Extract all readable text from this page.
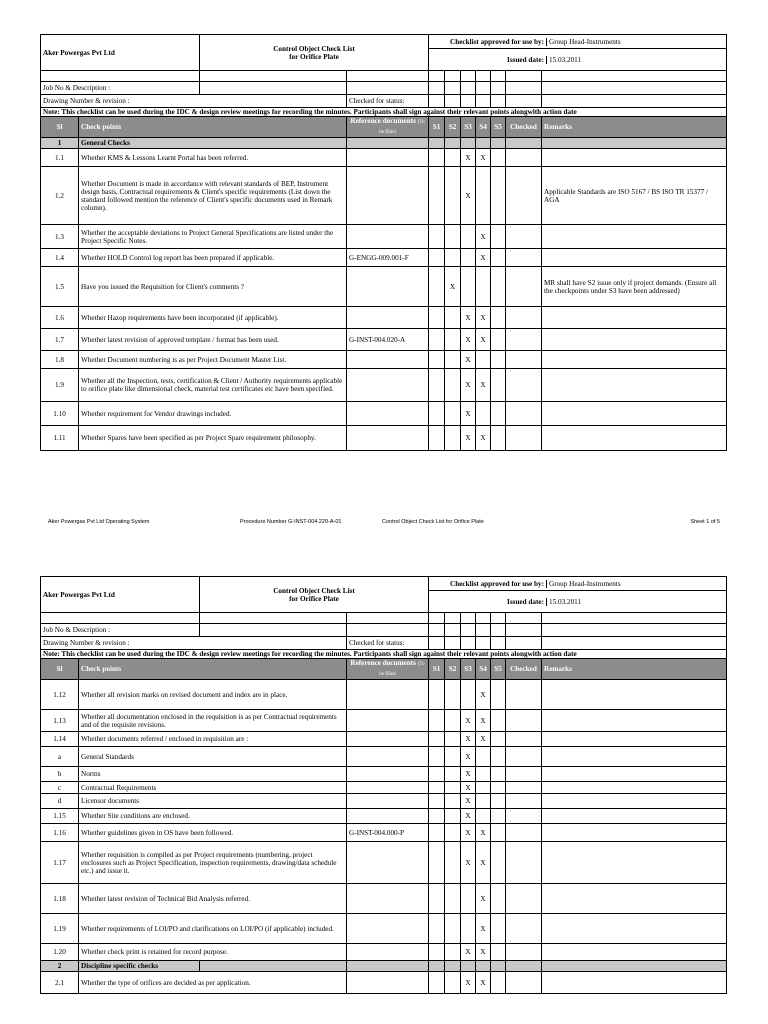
Aker Powergas Pvt Ltd	Control Object Check List
for Orifice Plate

Checklist approved for use by:	Group Head-Instruments

Issued date:	15.03.2011

Job No & Description :									
Drawing Number & revision :	Checked for status:							
Note: This checklist can be used during the IDC & design review meetings for recording the minutes. Participants shall sign against their relevant points alongwith action date
Sl	Check points	Reference documents (To be filled	S1	S2	S3	S4	S5	Checked	Remarks
1	General Checks								
1.1	Whether KMS & Lessons Learnt Portal has been referred.				X	X			
1.2	Whether Document is made in accordance with relevant standards of BEP, Instrument design basis, Contractual requirements & Client's specific requirements (List down the standard followed mention the reference of Client's specific documents used in Remark column).				X				Applicable Standards are ISO 5167 / BS ISO TR 15377 / AGA
1.3	Whether the acceptable deviations to Project General Specifications are listed under the Project Specific Notes.					X			
1.4	Whether HOLD Control log report has been prepared if applicable.	G-ENGG-009.001-F				X			
1.5	Have you issued the Requisition for Client's comments ?			X					MR shall have S2 issue only if project demands. (Ensure all the checkpoints under S3 have been addressed)
1.6	Whether Hazop requirements have been incorporated (if applicable).				X	X			
1.7	Whether latest revision of approved template / format has been used.	G-INST-004.020-A			X	X			
1.8	Whether Document numbering is as per Project Document Master List.				X				
1.9	Whether all the Inspection, tests, certification & Client / Authority requirements applicable to orifice plate like dimensional check, material test certificates etc have been specified.				X	X			
1.10	Whether requirement for Vendor drawings included.				X				
1.11	Whether Spares have been specified as per Project Spare requirement philosophy.				X	X			
Aker Powergas Pvt Ltd Operating System	Procedure Number G-INST-004.220-A-01	Control Object Check List for Orifice Plate	Sheet 1 of 5
Aker Powergas Pvt Ltd	Control Object Check List
for Orifice Plate

Checklist approved for use by:	Group Head-Instruments

Issued date:	15.03.2011

Job No & Description :									
Drawing Number & revision :	Checked for status:							
Note: This checklist can be used during the IDC & design review meetings for recording the minutes. Participants shall sign against their relevant points alongwith action date
Sl	Check points	Reference documents (To be filled	S1	S2	S3	S4	S5	Checked	Remarks
1.12	Whether all revision marks on revised document and index are in place.					X			
1.13	Whether all documentation enclosed in the requisition is as per Contractual requirements and of the requisite revisions.				X	X			
1.14	Whether documents referred / enclosed in requisition are :				X	X			
a	General Standards				X				
b	Norms				X				
c	Contractual Requirements				X				
d	Licensor documents				X				
1.15	Whether Site conditions are enclosed.				X				
1.16	Whether guidelines given in OS have been followed.	G-INST-004.000-P			X	X			
1.17	Whether requisition is compiled as per Project requirements (numbering, project enclosures such as Project Specification, inspection requirements, drawing/data schedule etc.) and issue it.				X	X			
1.18	Whether latest revision of Technical Bid Analysis referred.					X			
1.19	Whether requirements of LOI/PO and clarifications on LOI/PO (if applicable) included.					X			
1.20	Whether check print is retained for record purpose.				X	X			
2	Discipline specific checks									
2.1	Whether the type of orifices are decided as per application.				X	X			
